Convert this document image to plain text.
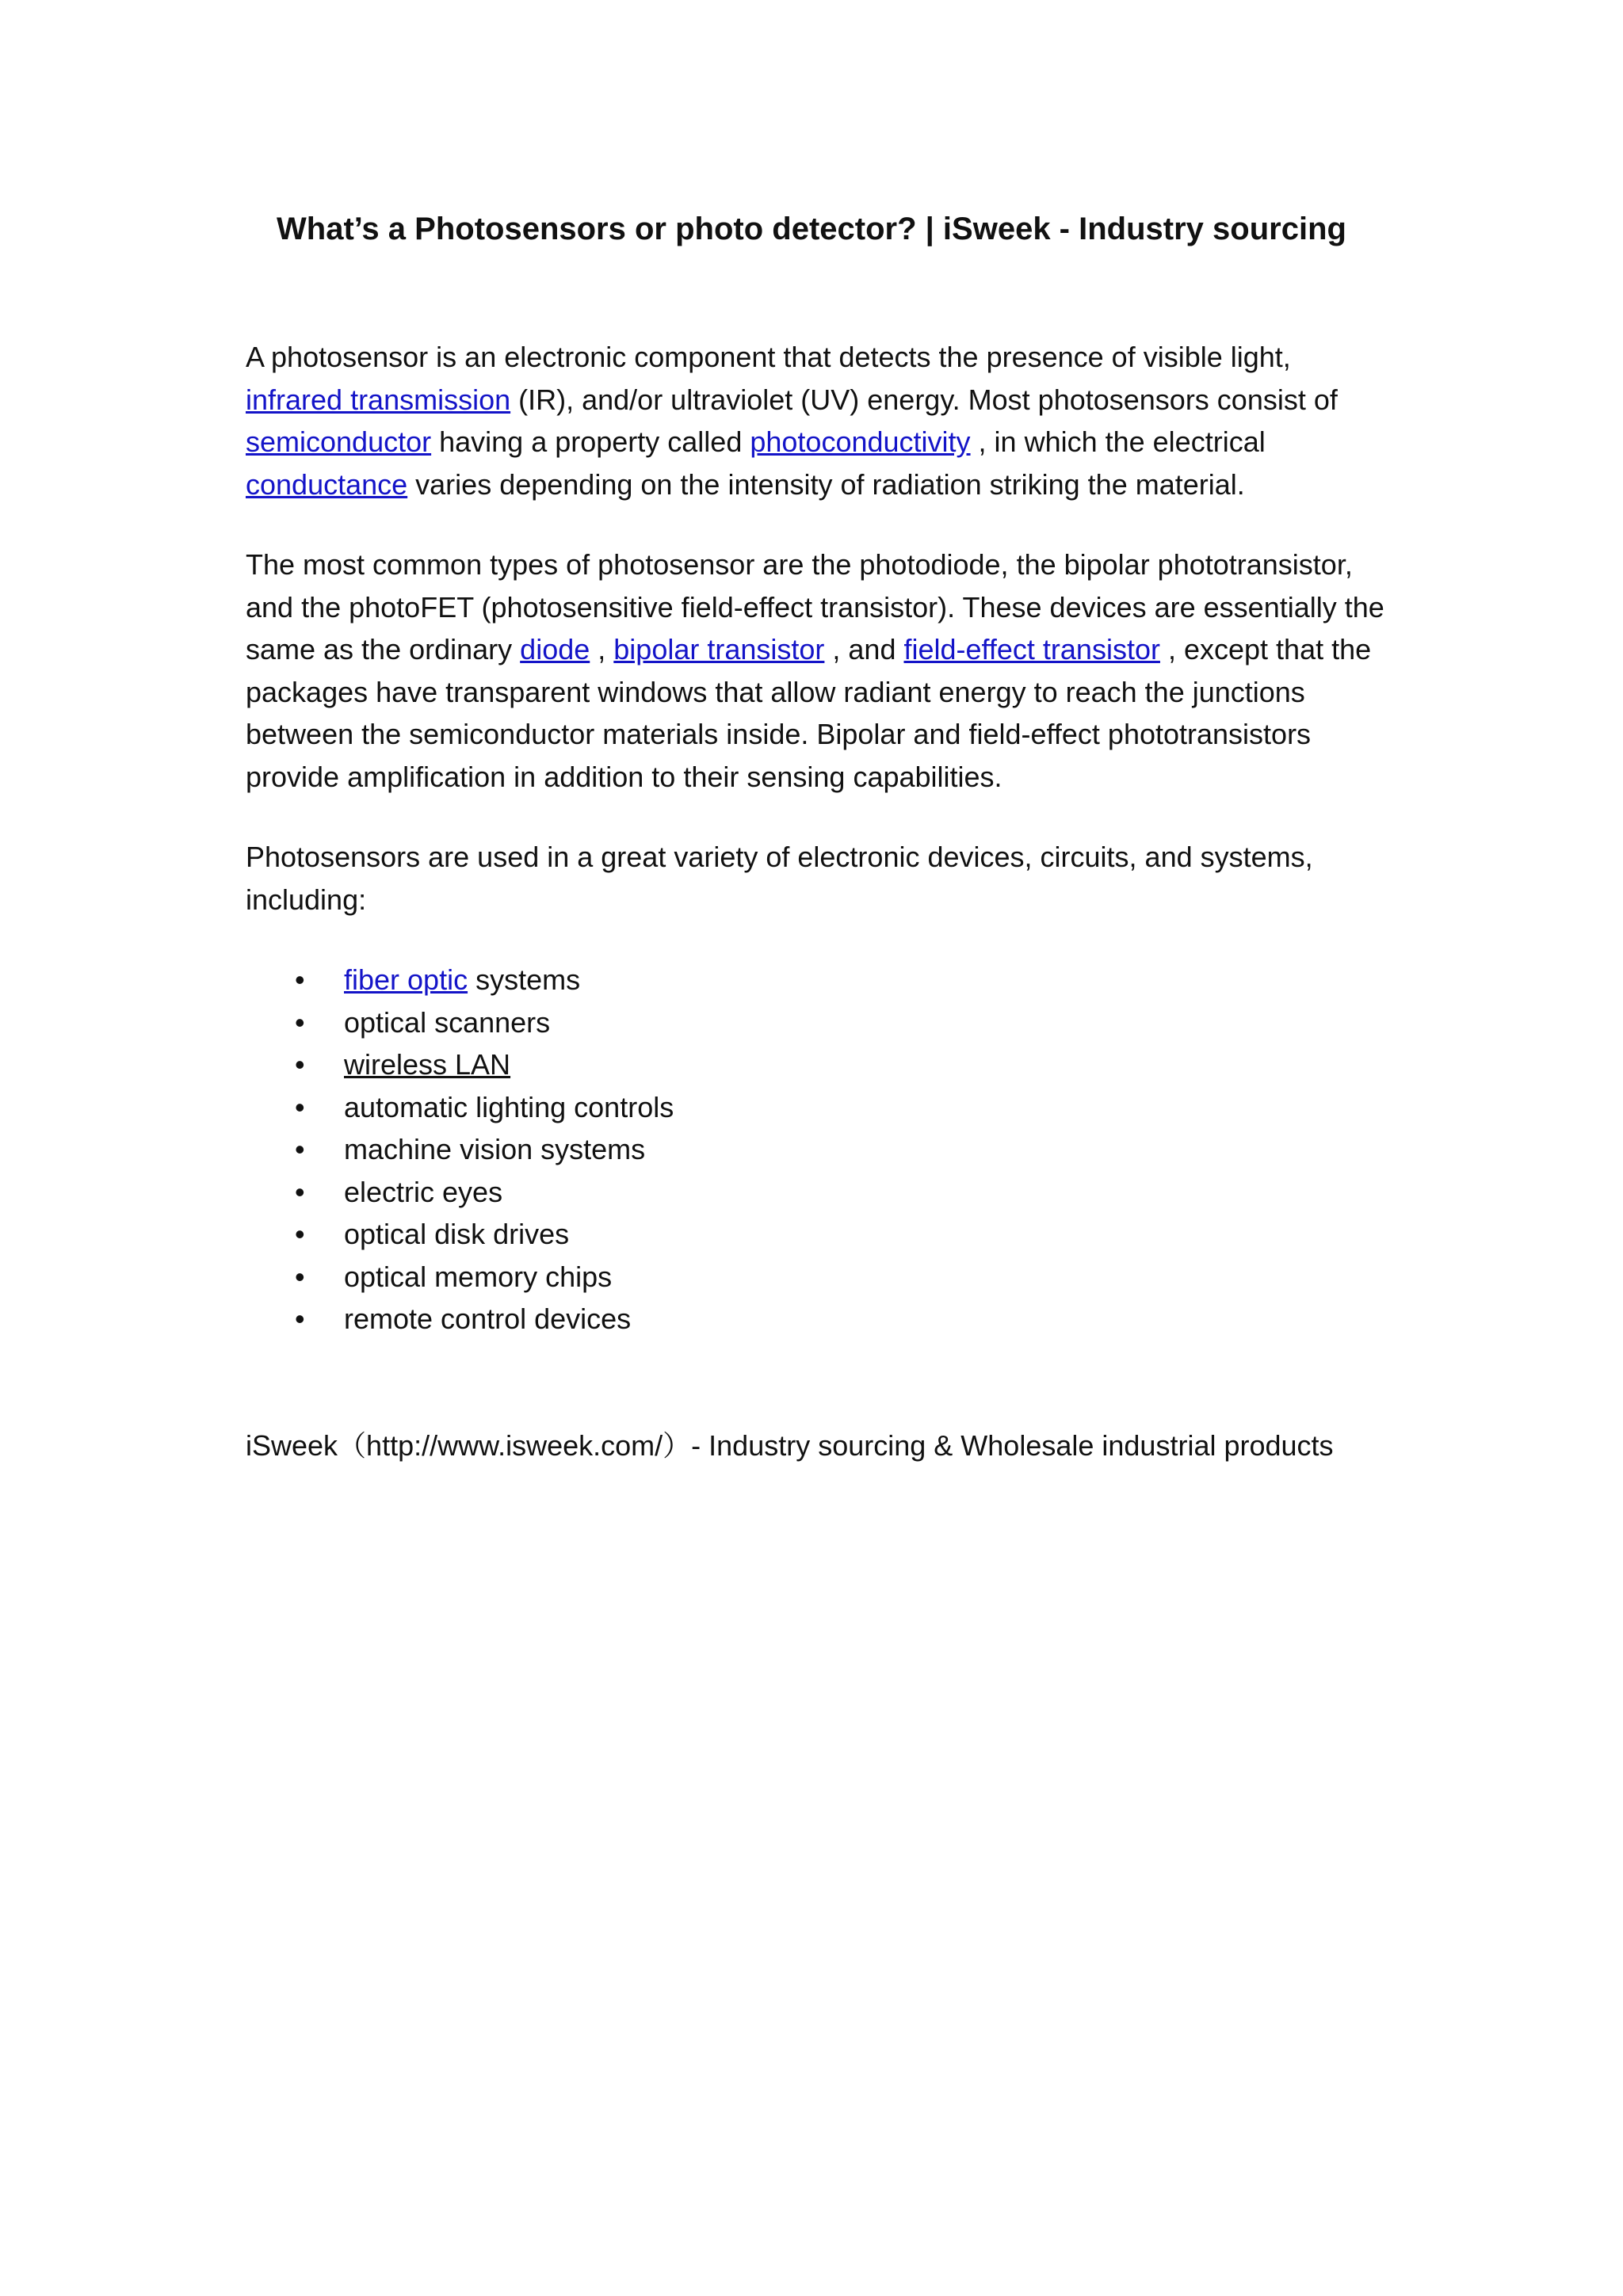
What’s a Photosensors or photo detector? | iSweek - Industry sourcing

A photosensor is an electronic component that detects the presence of visible light, infrared transmission (IR), and/or ultraviolet (UV) energy. Most photosensors consist of semiconductor having a property called photoconductivity , in which the electrical conductance varies depending on the intensity of radiation striking the material.

The most common types of photosensor are the photodiode, the bipolar phototransistor, and the photoFET (photosensitive field-effect transistor). These devices are essentially the same as the ordinary diode , bipolar transistor , and field-effect transistor , except that the packages have transparent windows that allow radiant energy to reach the junctions between the semiconductor materials inside. Bipolar and field-effect phototransistors provide amplification in addition to their sensing capabilities.

Photosensors are used in a great variety of electronic devices, circuits, and systems, including:

• fiber optic systems
• optical scanners
• wireless LAN
• automatic lighting controls
• machine vision systems
• electric eyes
• optical disk drives
• optical memory chips
• remote control devices
iSweek（http://www.isweek.com/）- Industry sourcing & Wholesale industrial products
